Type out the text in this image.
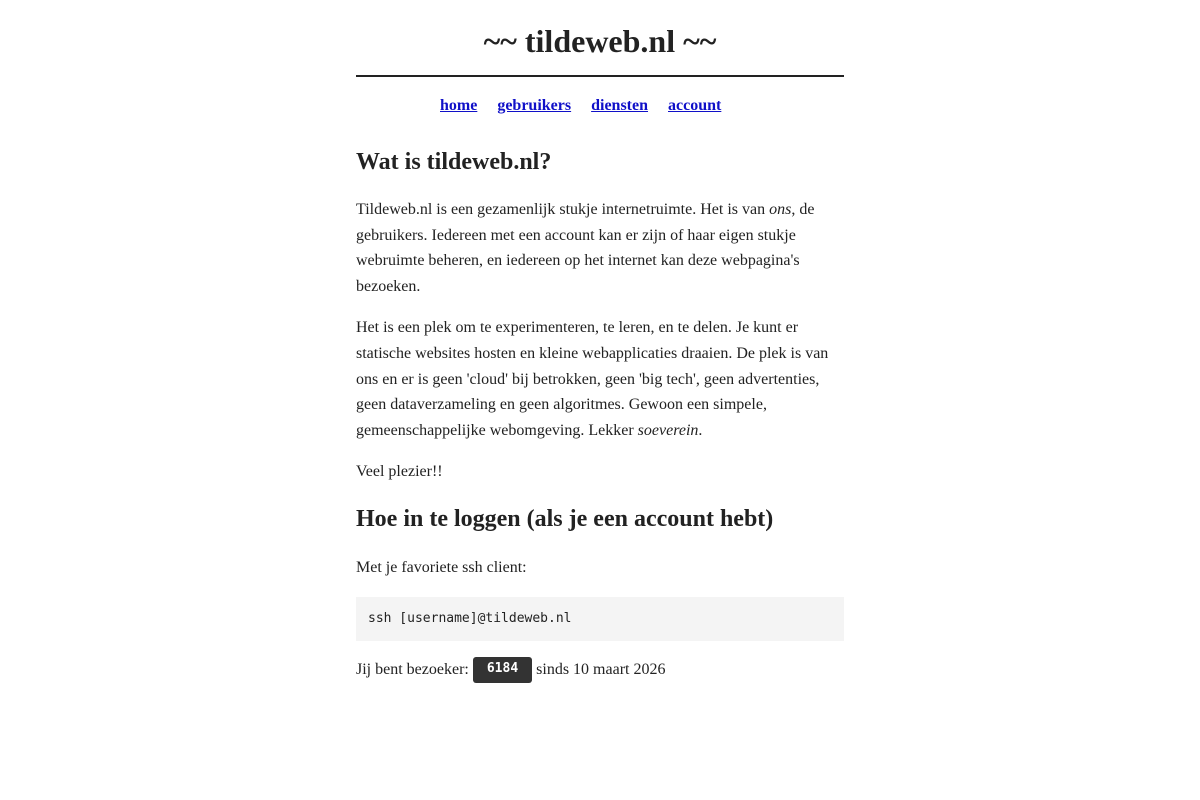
~~ tildeweb.nl ~~
home gebruikers diensten account
Wat is tildeweb.nl?

Tildeweb.nl is een gezamenlijk stukje internetruimte. Het is van ons, de gebruikers. Iedereen met een account kan er zijn of haar eigen stukje webruimte beheren, en iedereen op het internet kan deze webpagina's bezoeken.

Het is een plek om te experimenteren, te leren, en te delen. Je kunt er statische websites hosten en kleine webapplicaties draaien. De plek is van ons en er is geen 'cloud' bij betrokken, geen 'big tech', geen advertenties, geen dataverzameling en geen algoritmes. Gewoon een simpele, gemeenschappelijke webomgeving. Lekker soeverein.

Veel plezier!!

Hoe in te loggen (als je een account hebt)

Met je favoriete ssh client:

ssh [username]@tildeweb.nl
Jij bent bezoeker: 6184 sinds 10 maart 2026
